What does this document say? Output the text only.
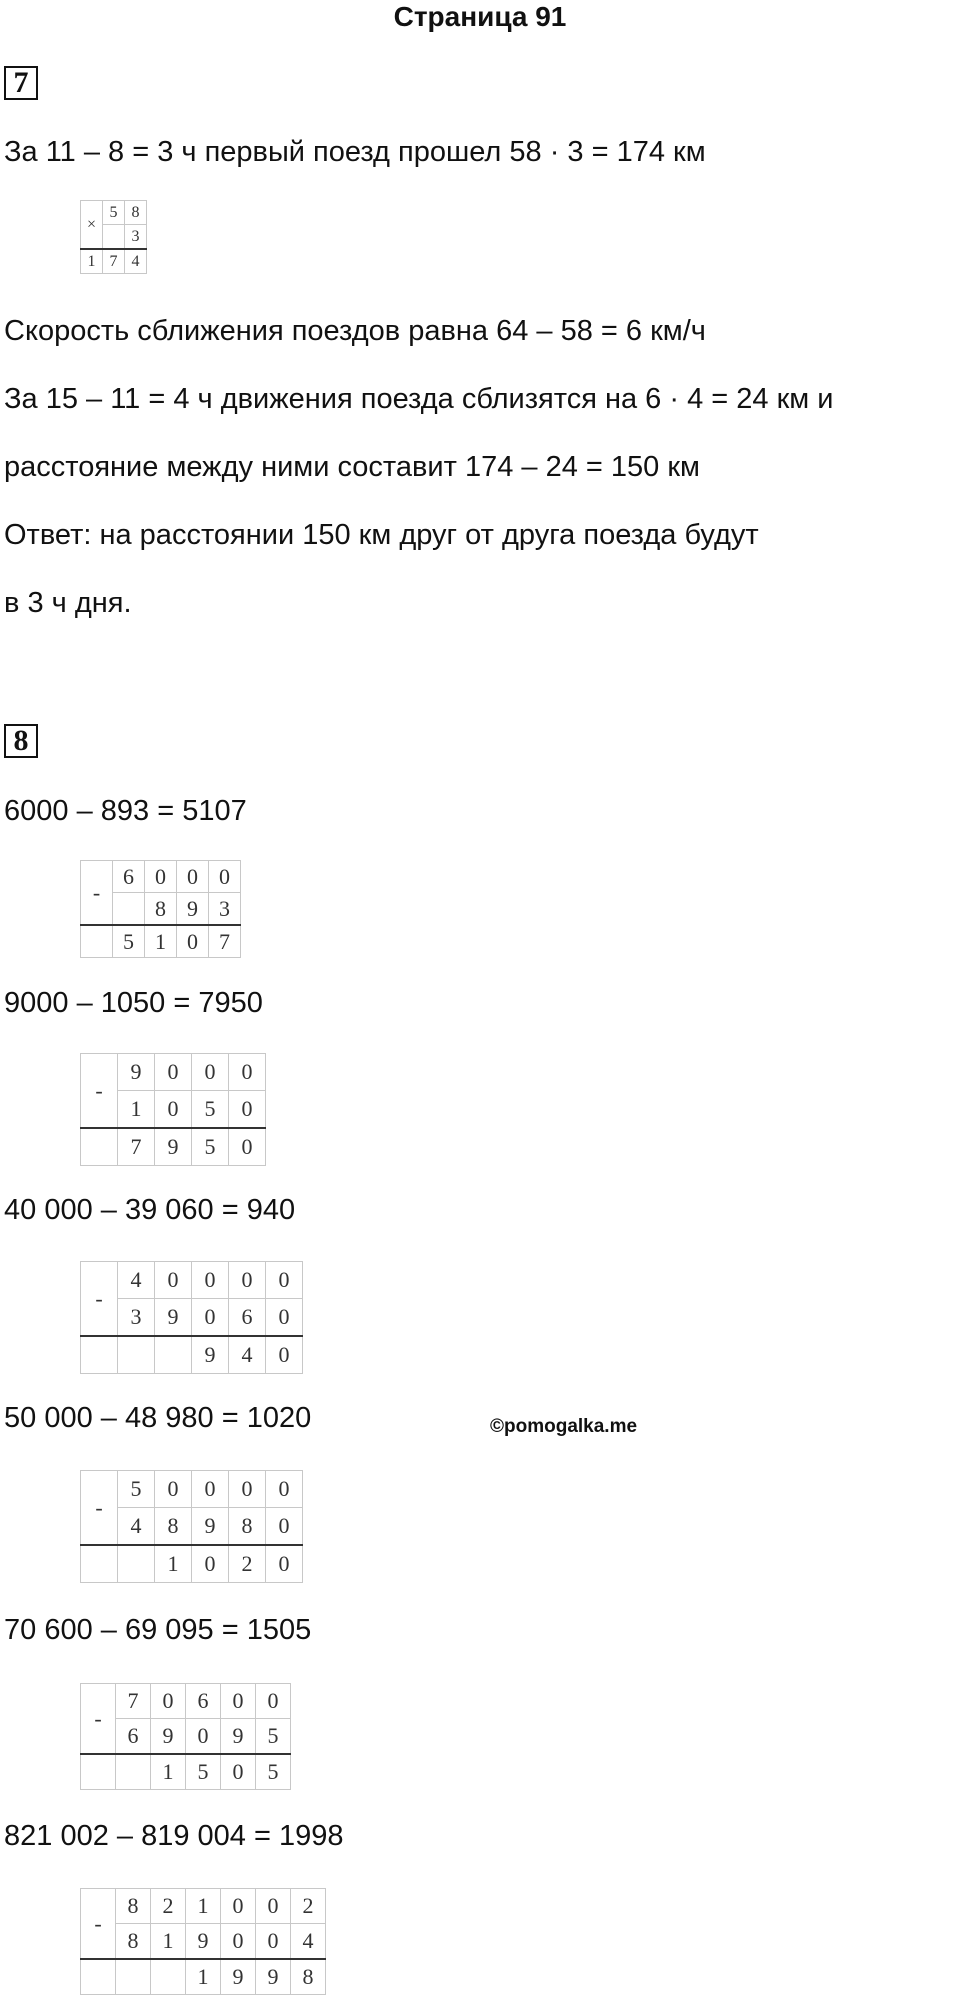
Страница 91
7
За 11 – 8 = 3 ч первый поезд прошел 58 · 3 = 174 км
×	5	8
		3
1	7	4
Скорость сближения поездов равна 64 – 58 = 6 км/ч
За 15 – 11 = 4 ч движения поезда сблизятся на 6 · 4 = 24 км и
расстояние между ними составит 174 – 24 = 150 км
Ответ: на расстоянии 150 км друг от друга поезда будут
в 3 ч дня.
8
6000 – 893 = 5107
-	6	0	0	0
		8	9	3
	5	1	0	7
9000 – 1050 = 7950
-	9	0	0	0
	1	0	5	0
	7	9	5	0
40 000 – 39 060 = 940
-	4	0	0	0	0
	3	9	0	6	0
			9	4	0
50 000 – 48 980 = 1020	©pomogalka.me
-	5	0	0	0	0
	4	8	9	8	0
		1	0	2	0
70 600 – 69 095 = 1505
-	7	0	6	0	0
	6	9	0	9	5
		1	5	0	5
821 002 – 819 004 = 1998
-	8	2	1	0	0	2
	8	1	9	0	0	4
			1	9	9	8
